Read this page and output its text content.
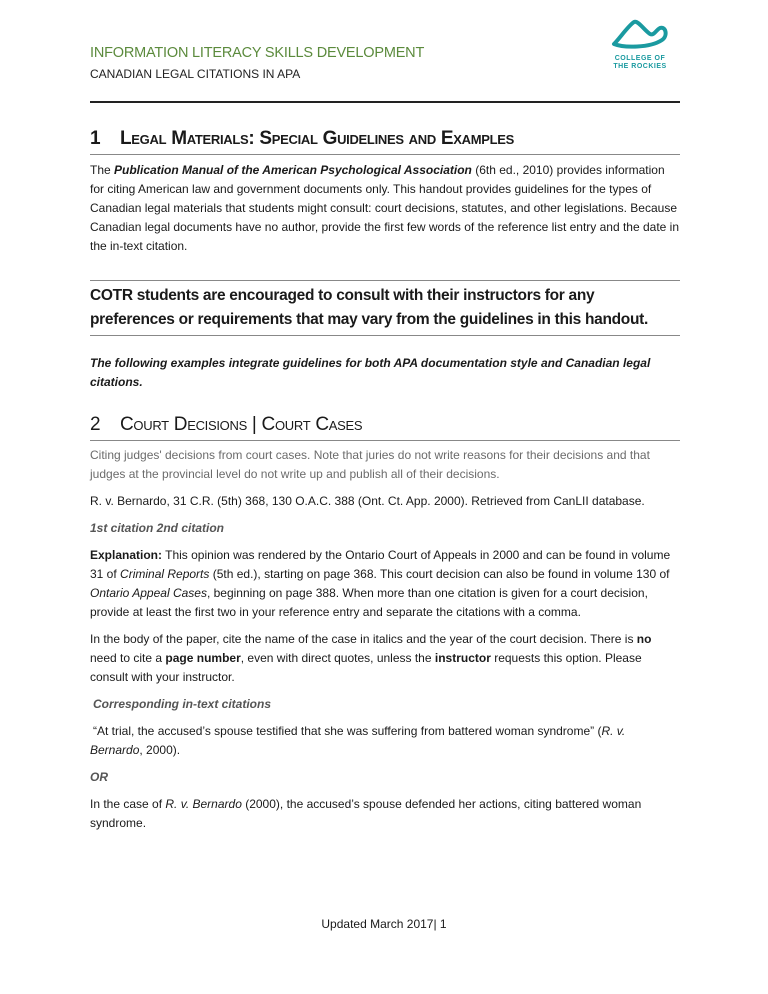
INFORMATION LITERACY SKILLS DEVELOPMENT
CANADIAN LEGAL CITATIONS IN APA
COLLEGE OF
THE ROCKIES
1 Legal Materials: Special Guidelines and Examples

The Publication Manual of the American Psychological Association (6th ed., 2010) provides information for citing American law and government documents only. This handout provides guidelines for the types of Canadian legal materials that students might consult: court decisions, statutes, and other legislations. Because Canadian legal documents have no author, provide the first few words of the reference list entry and the date in the in-text citation.

COTR students are encouraged to consult with their instructors for any preferences or requirements that may vary from the guidelines in this handout.

The following examples integrate guidelines for both APA documentation style and Canadian legal citations.

2 Court Decisions | Court Cases

Citing judges' decisions from court cases. Note that juries do not write reasons for their decisions and that judges at the provincial level do not write up and publish all of their decisions.

R. v. Bernardo, 31 C.R. (5th) 368, 130 O.A.C. 388 (Ont. Ct. App. 2000). Retrieved from CanLII database.

1st citation 2nd citation

Explanation: This opinion was rendered by the Ontario Court of Appeals in 2000 and can be found in volume 31 of Criminal Reports (5th ed.), starting on page 368. This court decision can also be found in volume 130 of Ontario Appeal Cases, beginning on page 388. When more than one citation is given for a court decision, provide at least the first two in your reference entry and separate the citations with a comma.

In the body of the paper, cite the name of the case in italics and the year of the court decision. There is no need to cite a page number, even with direct quotes, unless the instructor requests this option. Please consult with your instructor.

Corresponding in-text citations

“At trial, the accused’s spouse testified that she was suffering from battered woman syndrome” (R. v. Bernardo, 2000).

OR

In the case of R. v. Bernardo (2000), the accused’s spouse defended her actions, citing battered woman syndrome.

Updated March 2017| 1
